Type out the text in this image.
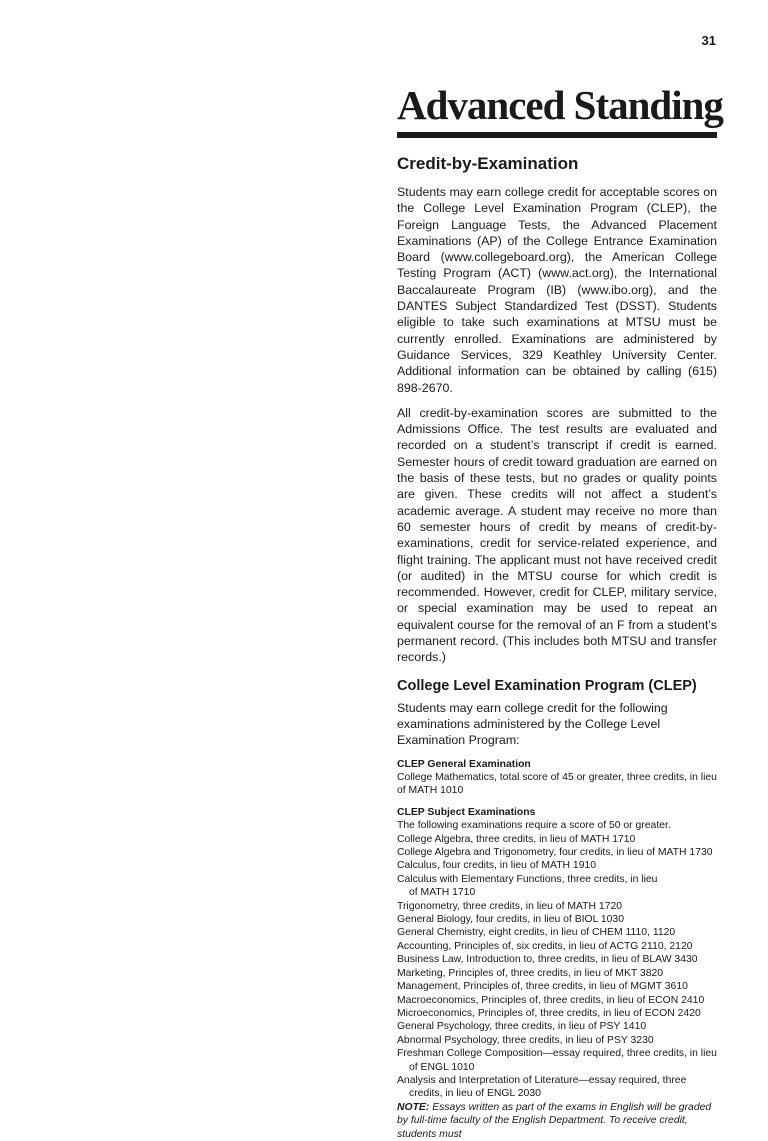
31
Advanced Standing
Credit-by-Examination

Students may earn college credit for acceptable scores on the College Level Examination Program (CLEP), the Foreign Language Tests, the Advanced Placement Examinations (AP) of the College Entrance Examination Board (www.collegeboard.org), the American College Testing Program (ACT) (www.act.org), the International Baccalaureate Program (IB) (www.ibo.org), and the DANTES Subject Standardized Test (DSST). Students eligible to take such examinations at MTSU must be currently enrolled. Examinations are administered by Guidance Services, 329 Keathley University Center. Additional information can be obtained by calling (615) 898-2670.

All credit-by-examination scores are submitted to the Admissions Office. The test results are evaluated and recorded on a student’s transcript if credit is earned. Semester hours of credit toward graduation are earned on the basis of these tests, but no grades or quality points are given. These credits will not affect a student’s academic average. A student may receive no more than 60 semester hours of credit by means of credit-by-examinations, credit for service-related experience, and flight training. The applicant must not have received credit (or audited) in the MTSU course for which credit is recommended. However, credit for CLEP, military service, or special examination may be used to repeat an equivalent course for the removal of an F from a student’s permanent record. (This includes both MTSU and transfer records.)

College Level Examination Program (CLEP)

Students may earn college credit for the following examinations administered by the College Level Examination Program:

CLEP General Examination
College Mathematics, total score of 45 or greater, three credits, in lieu of MATH 1010
CLEP Subject Examinations
The following examinations require a score of 50 or greater.
College Algebra, three credits, in lieu of MATH 1710
College Algebra and Trigonometry, four credits, in lieu of MATH 1730
Calculus, four credits, in lieu of MATH 1910
Calculus with Elementary Functions, three credits, in lieu
of MATH 1710
Trigonometry, three credits, in lieu of MATH 1720
General Biology, four credits, in lieu of BIOL 1030
General Chemistry, eight credits, in lieu of CHEM 1110, 1120
Accounting, Principles of, six credits, in lieu of ACTG 2110, 2120
Business Law, Introduction to, three credits, in lieu of BLAW 3430
Marketing, Principles of, three credits, in lieu of MKT 3820
Management, Principles of, three credits, in lieu of MGMT 3610
Macroeconomics, Principles of, three credits, in lieu of ECON 2410
Microeconomics, Principles of, three credits, in lieu of ECON 2420
General Psychology, three credits, in lieu of PSY 1410
Abnormal Psychology, three credits, in lieu of PSY 3230
Freshman College Composition—essay required, three credits, in lieu
of ENGL 1010
Analysis and Interpretation of Literature—essay required, three
credits, in lieu of ENGL 2030

NOTE: Essays written as part of the exams in English will be graded by full-time faculty of the English Department. To receive credit, students must
